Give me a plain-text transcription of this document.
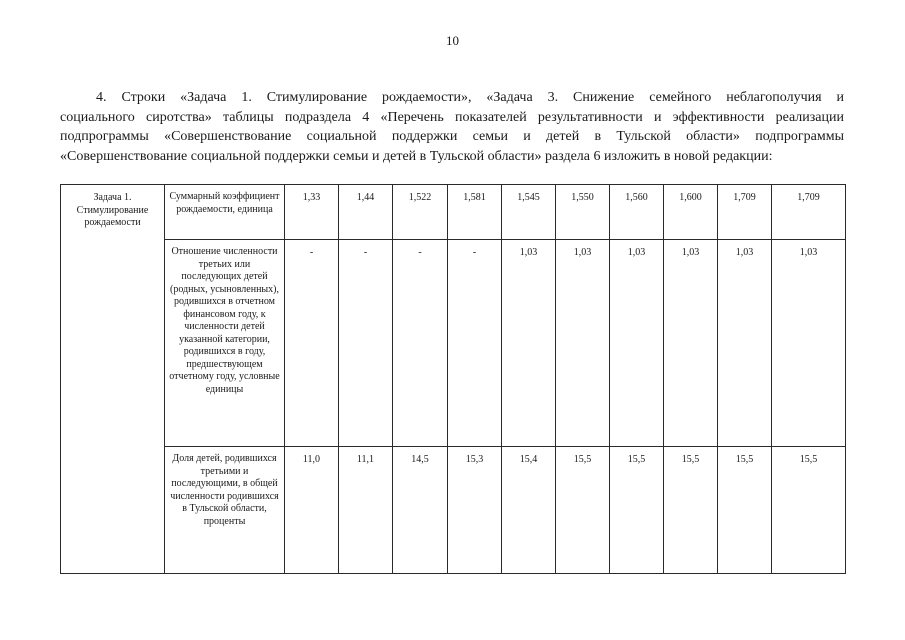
10
4. Строки «Задача 1. Стимулирование рождаемости», «Задача 3. Снижение семейного неблагополучия и
социального сиротства» таблицы подраздела 4 «Перечень показателей результативности и эффективности реализации
подпрограммы «Совершенствование социальной поддержки семьи и детей в Тульской области» подпрограммы
«Совершенствование социальной поддержки семьи и детей в Тульской области» раздела 6 изложить в новой редакции:
Задача 1. Стимулирование рождаемости	Суммарный коэффициент рождаемости, единица	1,33	1,44	1,522	1,581	1,545	1,550	1,560	1,600	1,709	1,709
	Отношение численности третьих или последующих детей (родных, усыновленных), родившихся в отчетном финансовом году, к численности детей указанной категории, родившихся в году, предшествующем отчетному году, условные единицы	-	-	-	-	1,03	1,03	1,03	1,03	1,03	1,03
	Доля детей, родившихся третьими и последующими, в общей численности родившихся в Тульской области, проценты	11,0	11,1	14,5	15,3	15,4	15,5	15,5	15,5	15,5	15,5
